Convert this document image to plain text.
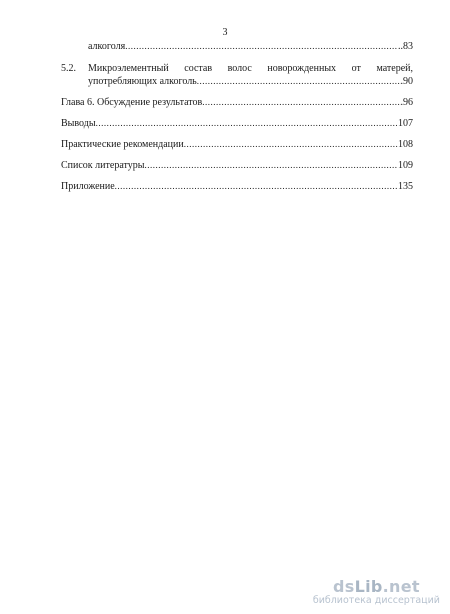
3
алкоголя .....	..83
5.2.	Микроэлементный состав волос новорожденных от матерей,
употребляющих алкоголь .....	.90
Глава 6. Обсуждение результатов .....	.96
Выводы .....	107
Практические рекомендации .....	108
Список литературы .....	109
Приложение .....	135
dsLib.net
библиотека диссертаций
